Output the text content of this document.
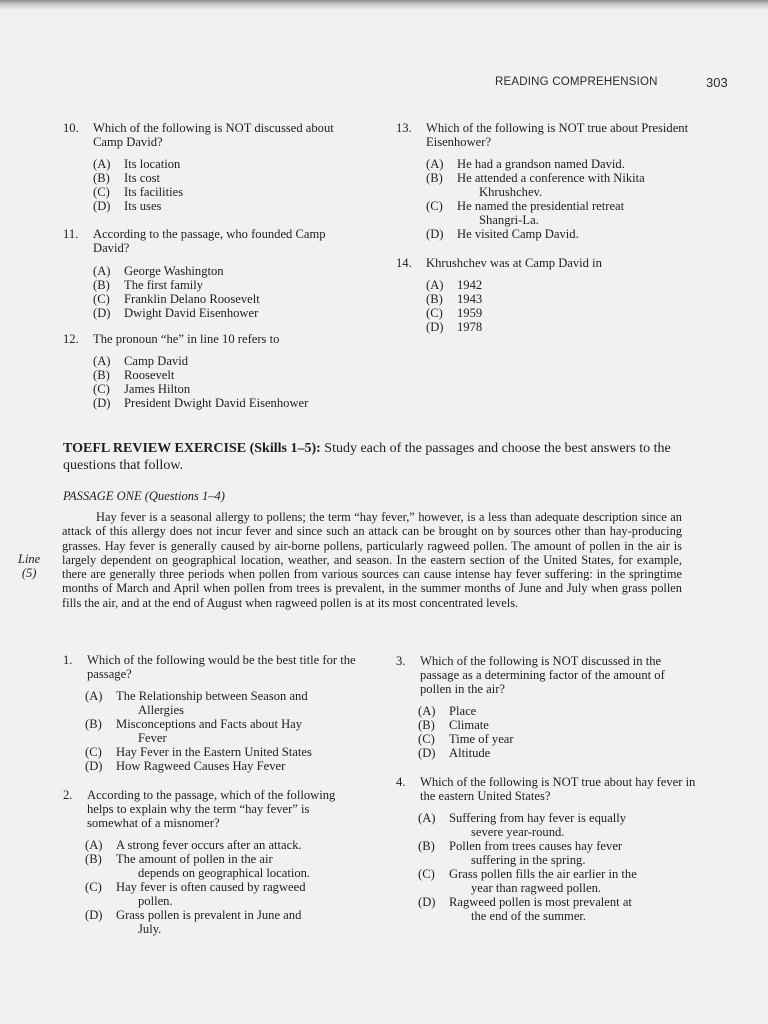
READING COMPREHENSION	303
10. Which of the following is NOT discussed about Camp David?
(A) Its location
(B) Its cost
(C) Its facilities
(D) Its uses
11. According to the passage, who founded Camp David?
(A) George Washington
(B) The first family
(C) Franklin Delano Roosevelt
(D) Dwight David Eisenhower
12. The pronoun “he” in line 10 refers to
(A) Camp David
(B) Roosevelt
(C) James Hilton
(D) President Dwight David Eisenhower
13. Which of the following is NOT true about President Eisenhower?
(A) He had a grandson named David.
(B) He attended a conference with Nikita
Khrushchev.
(C) He named the presidential retreat
Shangri-La.
(D) He visited Camp David.
14. Khrushchev was at Camp David in
(A) 1942
(B) 1943
(C) 1959
(D) 1978
TOEFL REVIEW EXERCISE (Skills 1–5): Study each of the passages and choose the best answers to the questions that follow.
PASSAGE ONE (Questions 1–4)
Line
(5)

Hay fever is a seasonal allergy to pollens; the term “hay fever,” however, is a less than adequate description since an attack of this allergy does not incur fever and since such an attack can be brought on by sources other than hay-producing grasses. Hay fever is generally caused by air-borne pollens, particularly ragweed pollen. The amount of pollen in the air is largely dependent on geographical location, weather, and season. In the eastern section of the United States, for example, there are generally three periods when pollen from various sources can cause intense hay fever suffering: in the springtime months of March and April when pollen from trees is prevalent, in the summer months of June and July when grass pollen fills the air, and at the end of August when ragweed pollen is at its most concentrated levels.

1. Which of the following would be the best title for the passage?
(A) The Relationship between Season and
Allergies
(B) Misconceptions and Facts about Hay
Fever
(C) Hay Fever in the Eastern United States
(D) How Ragweed Causes Hay Fever
2. According to the passage, which of the following helps to explain why the term “hay fever” is somewhat of a misnomer?
(A) A strong fever occurs after an attack.
(B) The amount of pollen in the air
depends on geographical location.
(C) Hay fever is often caused by ragweed
pollen.
(D) Grass pollen is prevalent in June and
July.
3. Which of the following is NOT discussed in the passage as a determining factor of the amount of pollen in the air?
(A) Place
(B) Climate
(C) Time of year
(D) Altitude
4. Which of the following is NOT true about hay fever in the eastern United States?
(A) Suffering from hay fever is equally
severe year-round.
(B) Pollen from trees causes hay fever
suffering in the spring.
(C) Grass pollen fills the air earlier in the
year than ragweed pollen.
(D) Ragweed pollen is most prevalent at
the end of the summer.
